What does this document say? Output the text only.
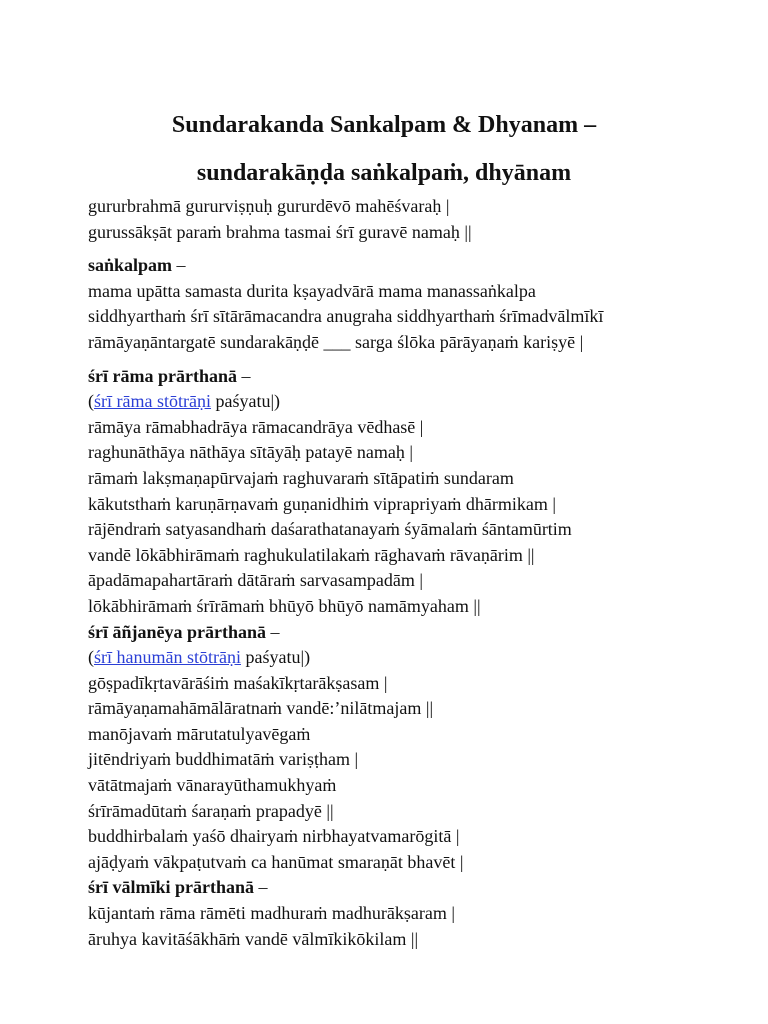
Sundarakanda Sankalpam & Dhyanam –
sundarakāṇḍa saṅkalpaṁ, dhyānam

gururbrahmā gururviṣṇuḥ gururdēvō mahēśvaraḥ |

gurussākṣāt paraṁ brahma tasmai śrī guravē namaḥ ||

saṅkalpam –

mama upātta samasta durita kṣayadvārā mama manassaṅkalpa

siddhyarthaṁ śrī sītārāmacandra anugraha siddhyarthaṁ śrīmadvālmīkī

rāmāyaṇāntargatē sundarakāṇḍē ___ sarga ślōka pārāyaṇaṁ kariṣyē |

śrī rāma prārthanā –

(śrī rāma stōtrāṇi paśyatu|)

rāmāya rāmabhadrāya rāmacandrāya vēdhasē |

raghunāthāya nāthāya sītāyāḥ patayē namaḥ |

rāmaṁ lakṣmaṇapūrvajaṁ raghuvaraṁ sītāpatiṁ sundaram

kākutsthaṁ karuṇārṇavaṁ guṇanidhiṁ viprapriyaṁ dhārmikam |

rājēndraṁ satyasandhaṁ daśarathatanayaṁ śyāmalaṁ śāntamūrtim

vandē lōkābhirāmaṁ raghukulatilakaṁ rāghavaṁ rāvaṇārim ||

āpadāmapahartāraṁ dātāraṁ sarvasampadām |

lōkābhirāmaṁ śrīrāmaṁ bhūyō bhūyō namāmyaham ||

śrī āñjanēya prārthanā –

(śrī hanumān stōtrāṇi paśyatu|)

gōṣpadīkṛtavārāśiṁ maśakīkṛtarākṣasam |

rāmāyaṇamahāmālāratnaṁ vandē:’nilātmajam ||

manōjavaṁ mārutatulyavēgaṁ

jitēndriyaṁ buddhimatāṁ variṣṭham |

vātātmajaṁ vānarayūthamukhyaṁ

śrīrāmadūtaṁ śaraṇaṁ prapadyē ||

buddhirbalaṁ yaśō dhairyaṁ nirbhayatvamarōgitā |

ajāḍyaṁ vākpaṭutvaṁ ca hanūmat smaraṇāt bhavēt |

śrī vālmīki prārthanā –

kūjantaṁ rāma rāmēti madhuraṁ madhurākṣaram |

āruhya kavitāśākhāṁ vandē vālmīkikōkilam ||
